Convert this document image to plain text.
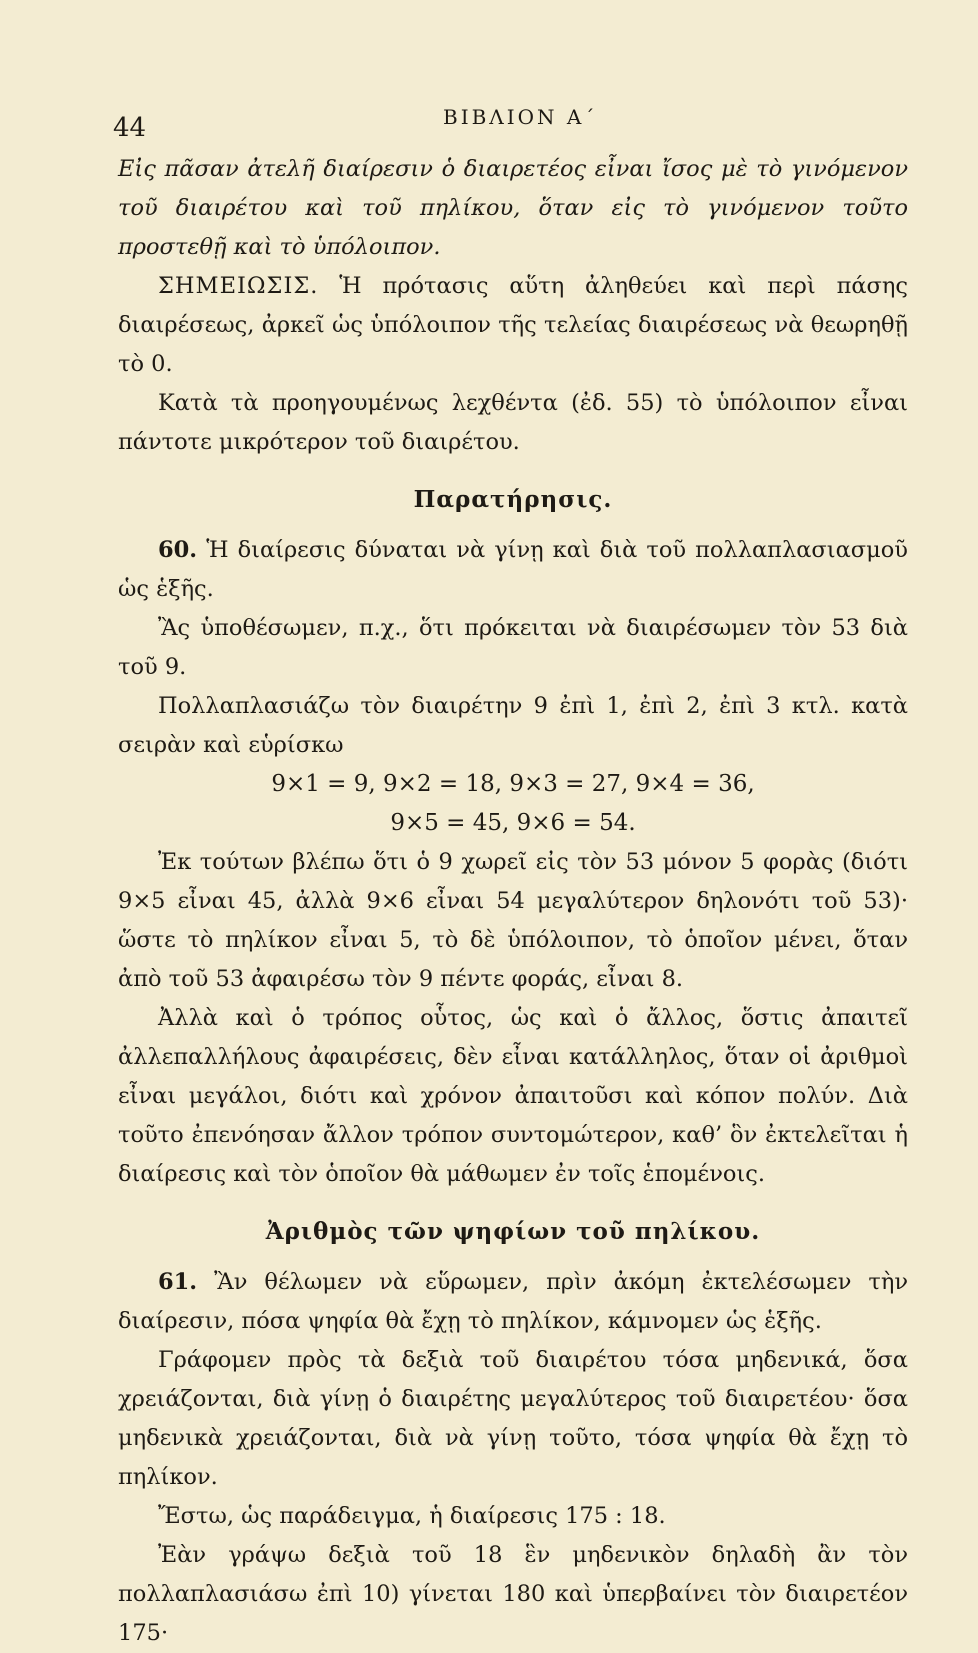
44	ΒΙΒΛΙΟΝ Α΄

Εἰς πᾶσαν ἀτελῆ διαίρεσιν ὁ διαιρετέος εἶναι ἴσος μὲ τὸ γινόμενον τοῦ διαιρέτου καὶ τοῦ πηλίκου, ὅταν εἰς τὸ γινόμενον τοῦτο προστεθῇ καὶ τὸ ὑπόλοιπον.

ΣΗΜΕΙΩΣΙΣ. Ἡ πρότασις αὕτη ἀληθεύει καὶ περὶ πάσης διαιρέσεως, ἀρκεῖ ὡς ὑπόλοιπον τῆς τελείας διαιρέσεως νὰ θεωρηθῇ τὸ 0.

Κατὰ τὰ προηγουμένως λεχθέντα (ἐδ. 55) τὸ ὑπόλοιπον εἶναι πάντοτε μικρότερον τοῦ διαιρέτου.

Παρατήρησις.

60. Ἡ διαίρεσις δύναται νὰ γίνῃ καὶ διὰ τοῦ πολλαπλασιασμοῦ ὡς ἑξῆς.

Ἂς ὑποθέσωμεν, π.χ., ὅτι πρόκειται νὰ διαιρέσωμεν τὸν 53 διὰ τοῦ 9.

Πολλαπλασιάζω τὸν διαιρέτην 9 ἐπὶ 1, ἐπὶ 2, ἐπὶ 3 κτλ. κατὰ σειρὰν καὶ εὑρίσκω

9×1 = 9, 9×2 = 18, 9×3 = 27, 9×4 = 36,

9×5 = 45, 9×6 = 54.

Ἐκ τούτων βλέπω ὅτι ὁ 9 χωρεῖ εἰς τὸν 53 μόνον 5 φορὰς (διότι 9×5 εἶναι 45, ἀλλὰ 9×6 εἶναι 54 μεγαλύτερον δηλονότι τοῦ 53)· ὥστε τὸ πηλίκον εἶναι 5, τὸ δὲ ὑπόλοιπον, τὸ ὁποῖον μένει, ὅταν ἀπὸ τοῦ 53 ἀφαιρέσω τὸν 9 πέντε φοράς, εἶναι 8.

Ἀλλὰ καὶ ὁ τρόπος οὗτος, ὡς καὶ ὁ ἄλλος, ὅστις ἀπαιτεῖ ἀλλεπαλλήλους ἀφαιρέσεις, δὲν εἶναι κατάλληλος, ὅταν οἱ ἀριθμοὶ εἶναι μεγάλοι, διότι καὶ χρόνον ἀπαιτοῦσι καὶ κόπον πολύν. Διὰ τοῦτο ἐπενόησαν ἄλλον τρόπον συντομώτερον, καθ’ ὃν ἐκτελεῖται ἡ διαίρεσις καὶ τὸν ὁποῖον θὰ μάθωμεν ἐν τοῖς ἑπομένοις.

Ἀριθμὸς τῶν ψηφίων τοῦ πηλίκου.

61. Ἂν θέλωμεν νὰ εὕρωμεν, πρὶν ἀκόμη ἐκτελέσωμεν τὴν διαίρεσιν, πόσα ψηφία θὰ ἔχῃ τὸ πηλίκον, κάμνομεν ὡς ἑξῆς.

Γράφομεν πρὸς τὰ δεξιὰ τοῦ διαιρέτου τόσα μηδενικά, ὅσα χρειάζονται, διὰ γίνῃ ὁ διαιρέτης μεγαλύτερος τοῦ διαιρετέου· ὅσα μηδενικὰ χρειάζονται, διὰ νὰ γίνῃ τοῦτο, τόσα ψηφία θὰ ἔχῃ τὸ πηλίκον.

Ἔστω, ὡς παράδειγμα, ἡ διαίρεσις 175 : 18.

Ἐὰν γράψω δεξιὰ τοῦ 18 ἓν μηδενικὸν δηλαδὴ ἂν τὸν πολλαπλασιάσω ἐπὶ 10) γίνεται 180 καὶ ὑπερβαίνει τὸν διαιρετέον 175·
